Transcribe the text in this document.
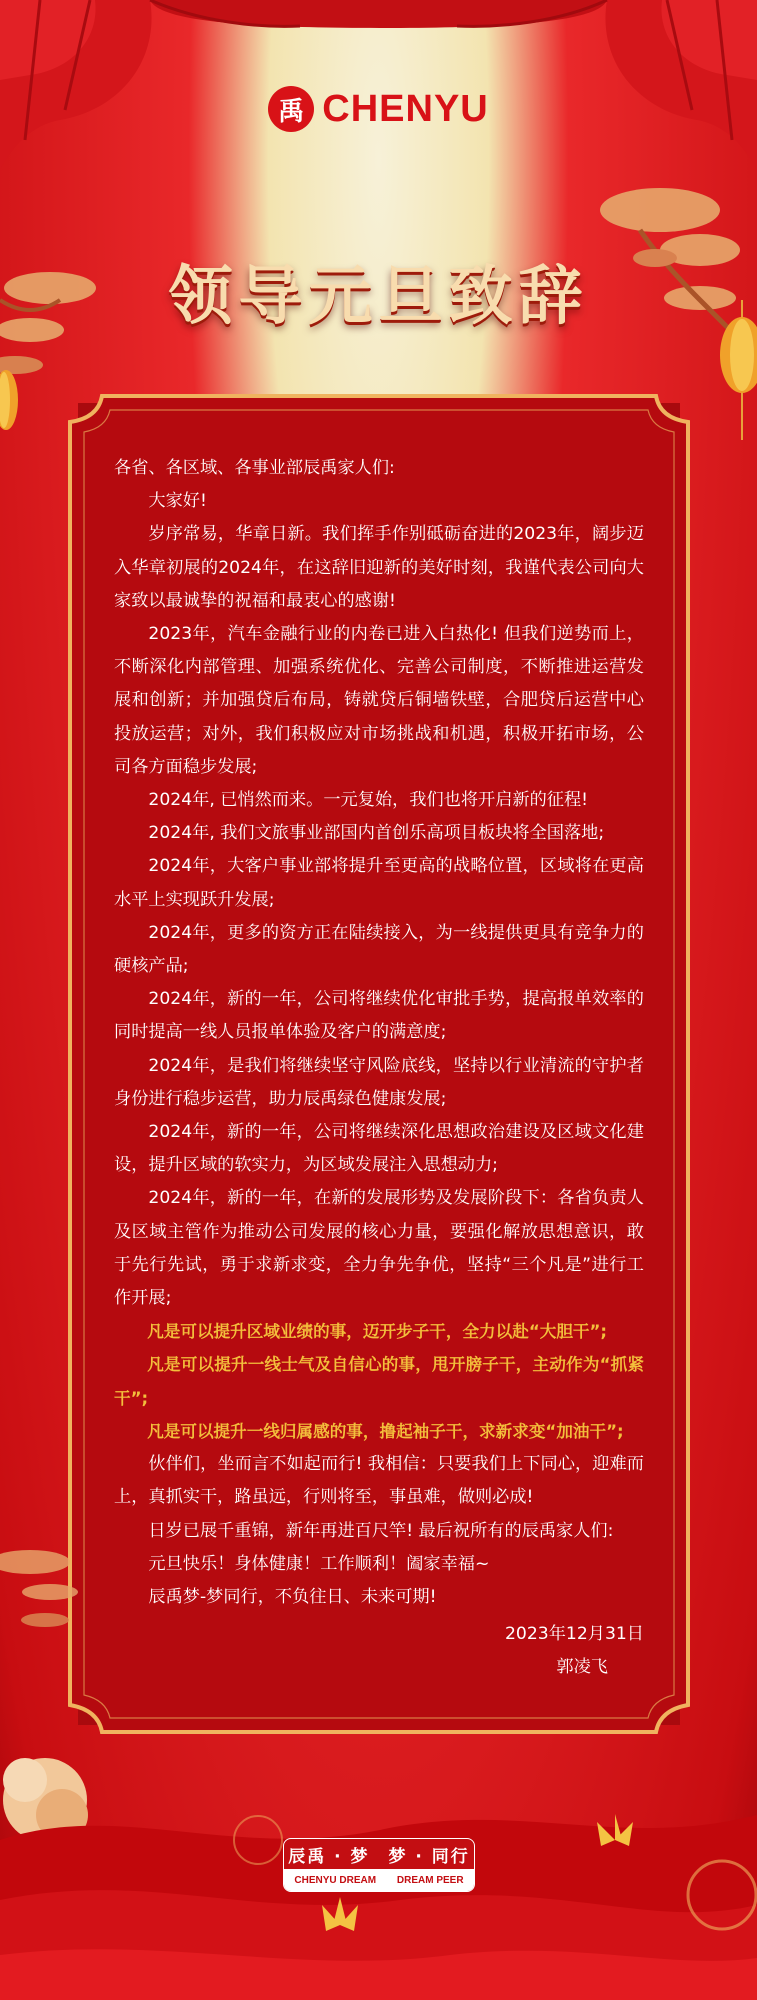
禹 CHENYU
领导元旦致辞

各省、各区域、各事业部辰禹家人们:

大家好!

岁序常易，华章日新。我们挥手作别砥砺奋进的2023年，阔步迈入华章初展的2024年，在这辞旧迎新的美好时刻，我谨代表公司向大家致以最诚挚的祝福和最衷心的感谢!

2023年，汽车金融行业的内卷已进入白热化! 但我们逆势而上，不断深化内部管理、加强系统优化、完善公司制度，不断推进运营发展和创新；并加强贷后布局，铸就贷后铜墙铁壁，合肥贷后运营中心投放运营；对外，我们积极应对市场挑战和机遇，积极开拓市场，公司各方面稳步发展;

2024年, 已悄然而来。一元复始，我们也将开启新的征程!

2024年, 我们文旅事业部国内首创乐高项目板块将全国落地;

2024年，大客户事业部将提升至更高的战略位置，区域将在更高水平上实现跃升发展;

2024年，更多的资方正在陆续接入，为一线提供更具有竞争力的硬核产品;

2024年，新的一年，公司将继续优化审批手势，提高报单效率的同时提高一线人员报单体验及客户的满意度;

2024年，是我们将继续坚守风险底线，坚持以行业清流的守护者身份进行稳步运营，助力辰禹绿色健康发展;

2024年，新的一年，公司将继续深化思想政治建设及区域文化建设，提升区域的软实力，为区域发展注入思想动力;

2024年，新的一年，在新的发展形势及发展阶段下：各省负责人及区域主管作为推动公司发展的核心力量，要强化解放思想意识，敢于先行先试，勇于求新求变，全力争先争优，坚持“三个凡是”进行工作开展;

凡是可以提升区域业绩的事，迈开步子干，全力以赴“大胆干”;

凡是可以提升一线士气及自信心的事，甩开膀子干，主动作为“抓紧干”;

凡是可以提升一线归属感的事，撸起袖子干，求新求变“加油干”;

伙伴们，坐而言不如起而行! 我相信：只要我们上下同心，迎难而上，真抓实干，路虽远，行则将至，事虽难，做则必成!

日岁已展千重锦，新年再进百尺竿! 最后祝所有的辰禹家人们:

元旦快乐！身体健康！工作顺利！阖家幸福~

辰禹梦-梦同行，不负往日、未来可期!

2023年12月31日

郭凌飞

辰禹 · 梦　梦 · 同行
CHENYU DREAM DREAM PEER
